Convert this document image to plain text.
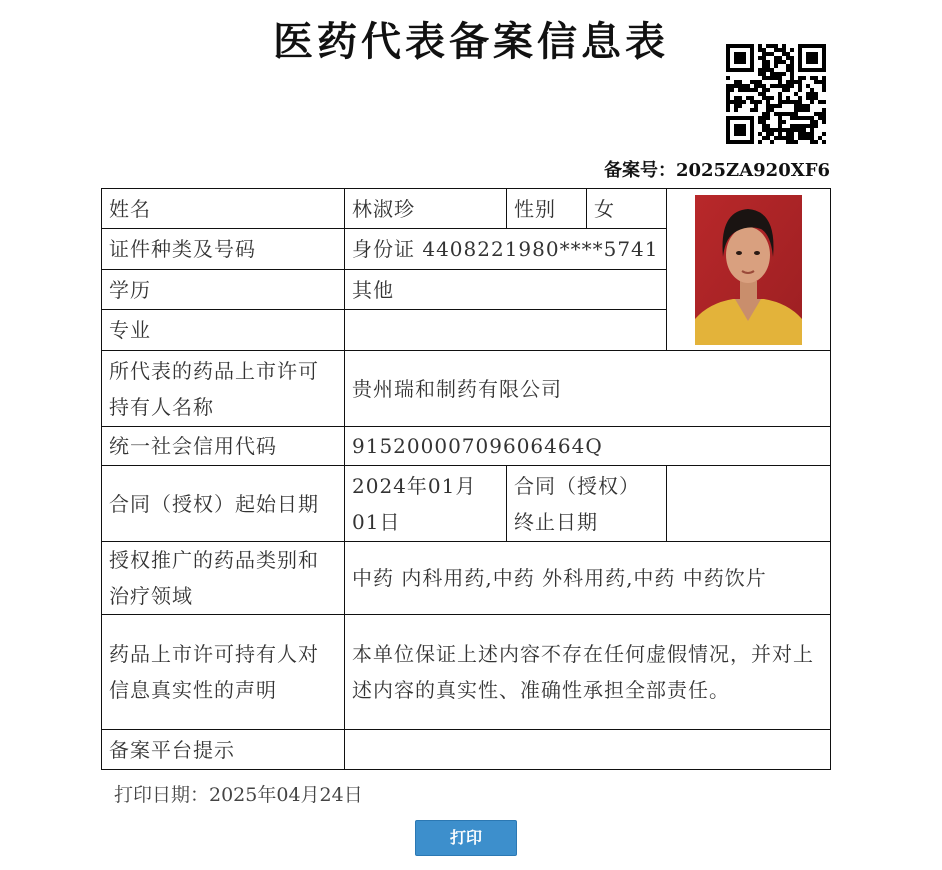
医药代表备案信息表
备案号：2025ZA920XF6
姓名	林淑珍	性别	女	

证件种类及号码	身份证 4408221980****5741			
学历	其他			
专业				
所代表的药品上市许可持有人名称	贵州瑞和制药有限公司			
统一社会信用代码	91520000709606464Q			
合同（授权）起始日期	2024年01月01日	合同（授权）终止日期		
授权推广的药品类别和治疗领域	中药 内科用药,中药 外科用药,中药 中药饮片			
药品上市许可持有人对信息真实性的声明	本单位保证上述内容不存在任何虚假情况，并对上述内容的真实性、准确性承担全部责任。			
备案平台提示				
打印日期：2025年04月24日
打印
